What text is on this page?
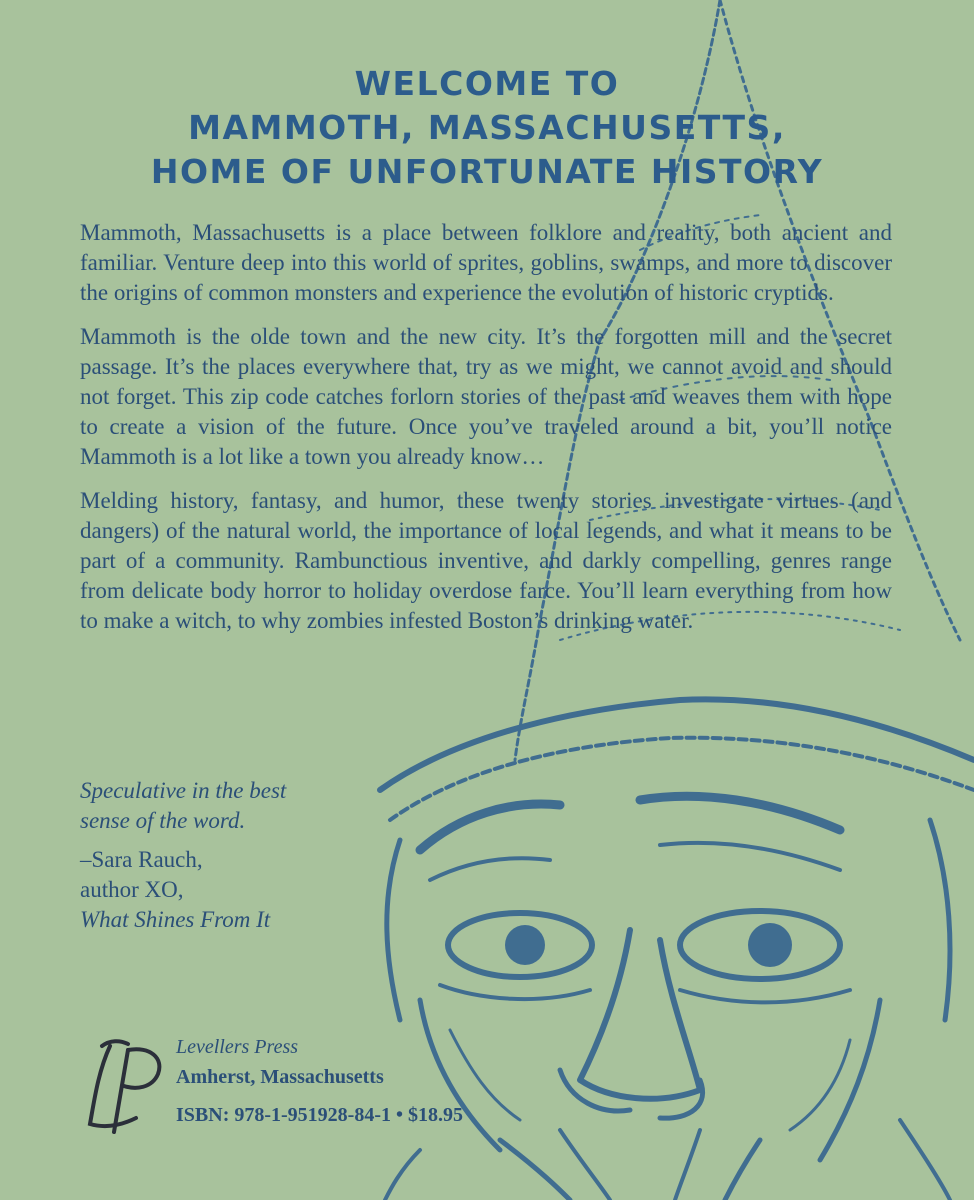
WELCOME TO
MAMMOTH, MASSACHUSETTS,
HOME OF UNFORTUNATE HISTORY

Mammoth, Massachusetts is a place between folklore and reality, both ancient and familiar. Venture deep into this world of sprites, goblins, swamps, and more to discover the origins of common monsters and experience the evolution of historic cryptids.

Mammoth is the olde town and the new city. It’s the forgotten mill and the secret passage. It’s the places everywhere that, try as we might, we cannot avoid and should not forget. This zip code catches forlorn stories of the past and weaves them with hope to create a vision of the future. Once you’ve traveled around a bit, you’ll notice Mammoth is a lot like a town you already know…

Melding history, fantasy, and humor, these twenty stories investigate virtues (and dangers) of the natural world, the importance of local legends, and what it means to be part of a community. Rambunctious inventive, and darkly compelling, genres range from delicate body horror to holiday overdose farce. You’ll learn everything from how to make a witch, to why zombies infested Boston’s drinking water.

Speculative in the best
sense of the word.
–Sara Rauch,
author XO,
What Shines From It
Levellers Press
Amherst, Massachusetts
ISBN: 978-1-951928-84-1 • $18.95
